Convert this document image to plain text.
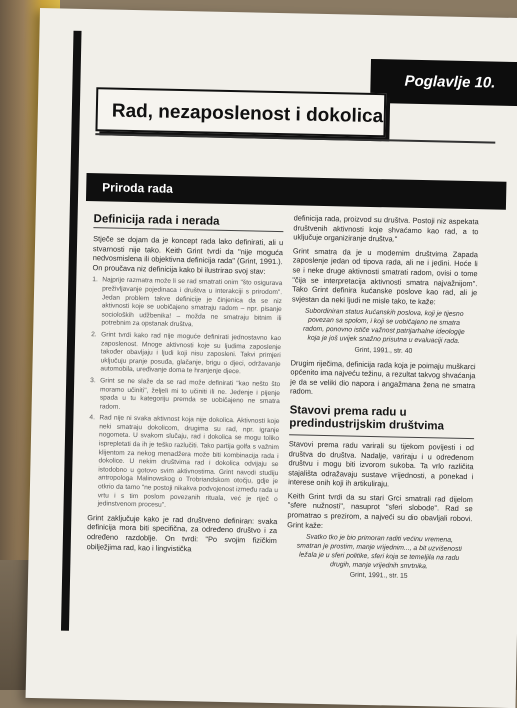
Poglavlje 10.
Rad, nezaposlenost i dokolica
Priroda rada
Definicija rada i nerada

Stječe se dojam da je koncept rada lako definirati, ali u stvarnosti nije tako. Keith Grint tvrdi da "nije moguća nedvosmislena ili objektivna definicija rada" (Grint, 1991.). On proučava niz definicija kako bi ilustrirao svoj stav:

1. Najprije razmatra može li se rad smatrati onim "što osiguravа preživljavanje pojedinaca i društva u interakciji s prirodom". Jedan problem takve definicije je činjenica da se niz aktivnosti koje se uobičajeno smatraju radom – npr. pisanje socioloških udžbenika! – možda ne smatraju bitnim ili potrebnim za opstanak društva.
2. Grint tvrdi kako rad nije moguće definirati jednostavno kao zaposlenost. Mnoge aktivnosti koje su ljudima zaposlenje također obavljaju i ljudi koji nisu zaposleni. Takvi primjeri uključuju pranje posuđa, glačanje, brigu o djeci, održavanje automobila, uređivanje doma te hranjenje djece.
3. Grint se ne slaže da se rad može definirati "kao nešto što moramo učiniti", željeli mi to učiniti ili ne. Jedenje i pijenje spada u tu kategoriju premda se uobičajeno ne smatra radom.
4. Rad nije ni svaka aktivnost koja nije dokolica. Aktivnosti koje neki smatraju dokolicom, drugima su rad, npr. igranje nogometa. U svakom slučaju, rad i dokolica se mogu toliko isprepletati da ih je teško razlučiti. Tako partija golfa s važnim klijentom za nekog menadžera može biti kombinacija rada i dokolice. U nekim društvima rad i dokolica odvijaju se istodobno u gotovo svim aktivnostima. Grint navodi studiju antropologa Malinowskog o Trobriandskom otočju, gdje je otkrio da tamo "ne postoji nikakva podvojenost između rada u vrtu i s tim poslom povezanih rituala, već je riječ o jedinstvenom procesu".

Grint zaključuje kako je rad društveno definiran: svaka definicija mora biti specifična, za određeno društvo i za određeno razdoblje. On tvrdi: "Po svojim fizičkim obilježjima rad, kao i lingvistička

definicija rada, proizvod su društva. Postoji niz aspekata društvenih aktivnosti koje shvaćamo kao rad, a to uključuje organiziranje društva."

Grint smatra da je u modernim društvima Zapada zaposlenje jedan od tipova rada, ali ne i jedini. Hoće li se i neke druge aktivnosti smatrati radom, ovisi o tome "čija se interpretacija aktivnosti smatra najvažnijom". Tako Grint definira kućanske poslove kao rad, ali je svjestan da neki ljudi ne misle tako, te kaže:

Subordiniran status kućanskih poslova, koji je tijesno povezan sa spolom, i koji se uobičajeno ne smatra radom, ponovno ističe važnost patrijarhalne ideologije koja je još uvijek snažno prisutna u evaluaciji rada.

Grint, 1991., str. 40

Drugim riječima, definicija rada koja je poimaju muškarci općenito ima najveću težinu, a rezultat takvog shvaćanja je da se veliki dio napora i angažmana žena ne smatra radom.

Stavovi prema radu u predindustrijskim društvima

Stavovi prema radu varirali su tijekom povijesti i od društva do društva. Nadalje, variraju i u određenom društvu i mogu biti izvorom sukoba. Ta vrlo različita stajališta odražavaju sustave vrijednosti, a ponekad i interese onih koji ih artikuliraju.

Keith Grint tvrdi da su stari Grci smatrali rad dijelom "sfere nužnosti", nasuprot "sferi slobode". Rad se promatrao s prezirom, a najveći su dio obavljali robovi. Grint kaže:

Svatko tko je bio primoran raditi većinu vremena, smatran je prostim, manje vrijednim..., a bit uzvišenosti ležala je u sferi politike, sferi koja se temeljila na radu drugih, manje vrijednih smrtnika.

Grint, 1991., str. 15
